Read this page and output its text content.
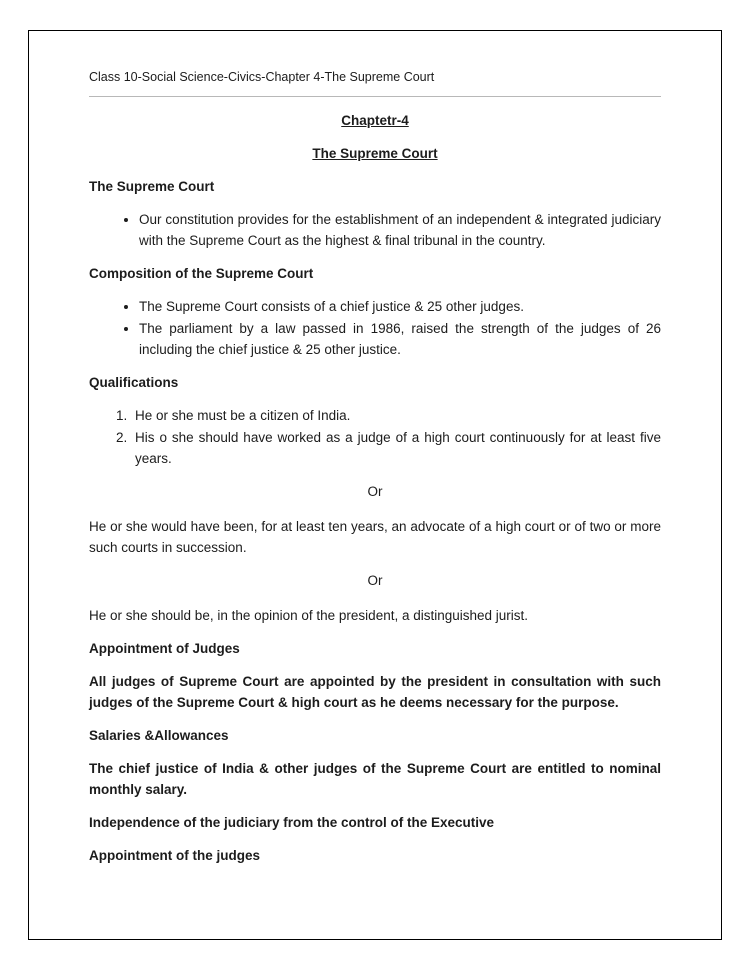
Class 10-Social Science-Civics-Chapter 4-The Supreme Court
Chaptetr-4
The Supreme Court
The Supreme Court
• Our constitution provides for the establishment of an independent & integrated judiciary with the Supreme Court as the highest & final tribunal in the country.
Composition of the Supreme Court
• The Supreme Court consists of a chief justice & 25 other judges.
• The parliament by a law passed in 1986, raised the strength of the judges of 26 including the chief justice & 25 other justice.
Qualifications
1. He or she must be a citizen of India.
2. His o she should have worked as a judge of a high court continuously for at least five years.

Or

He or she would have been, for at least ten years, an advocate of a high court or of two or more such courts in succession.

Or

He or she should be, in the opinion of the president, a distinguished jurist.

Appointment of Judges

All judges of Supreme Court are appointed by the president in consultation with such judges of the Supreme Court & high court as he deems necessary for the purpose.

Salaries &Allowances

The chief justice of India & other judges of the Supreme Court are entitled to nominal monthly salary.

Independence of the judiciary from the control of the Executive
Appointment of the judges
